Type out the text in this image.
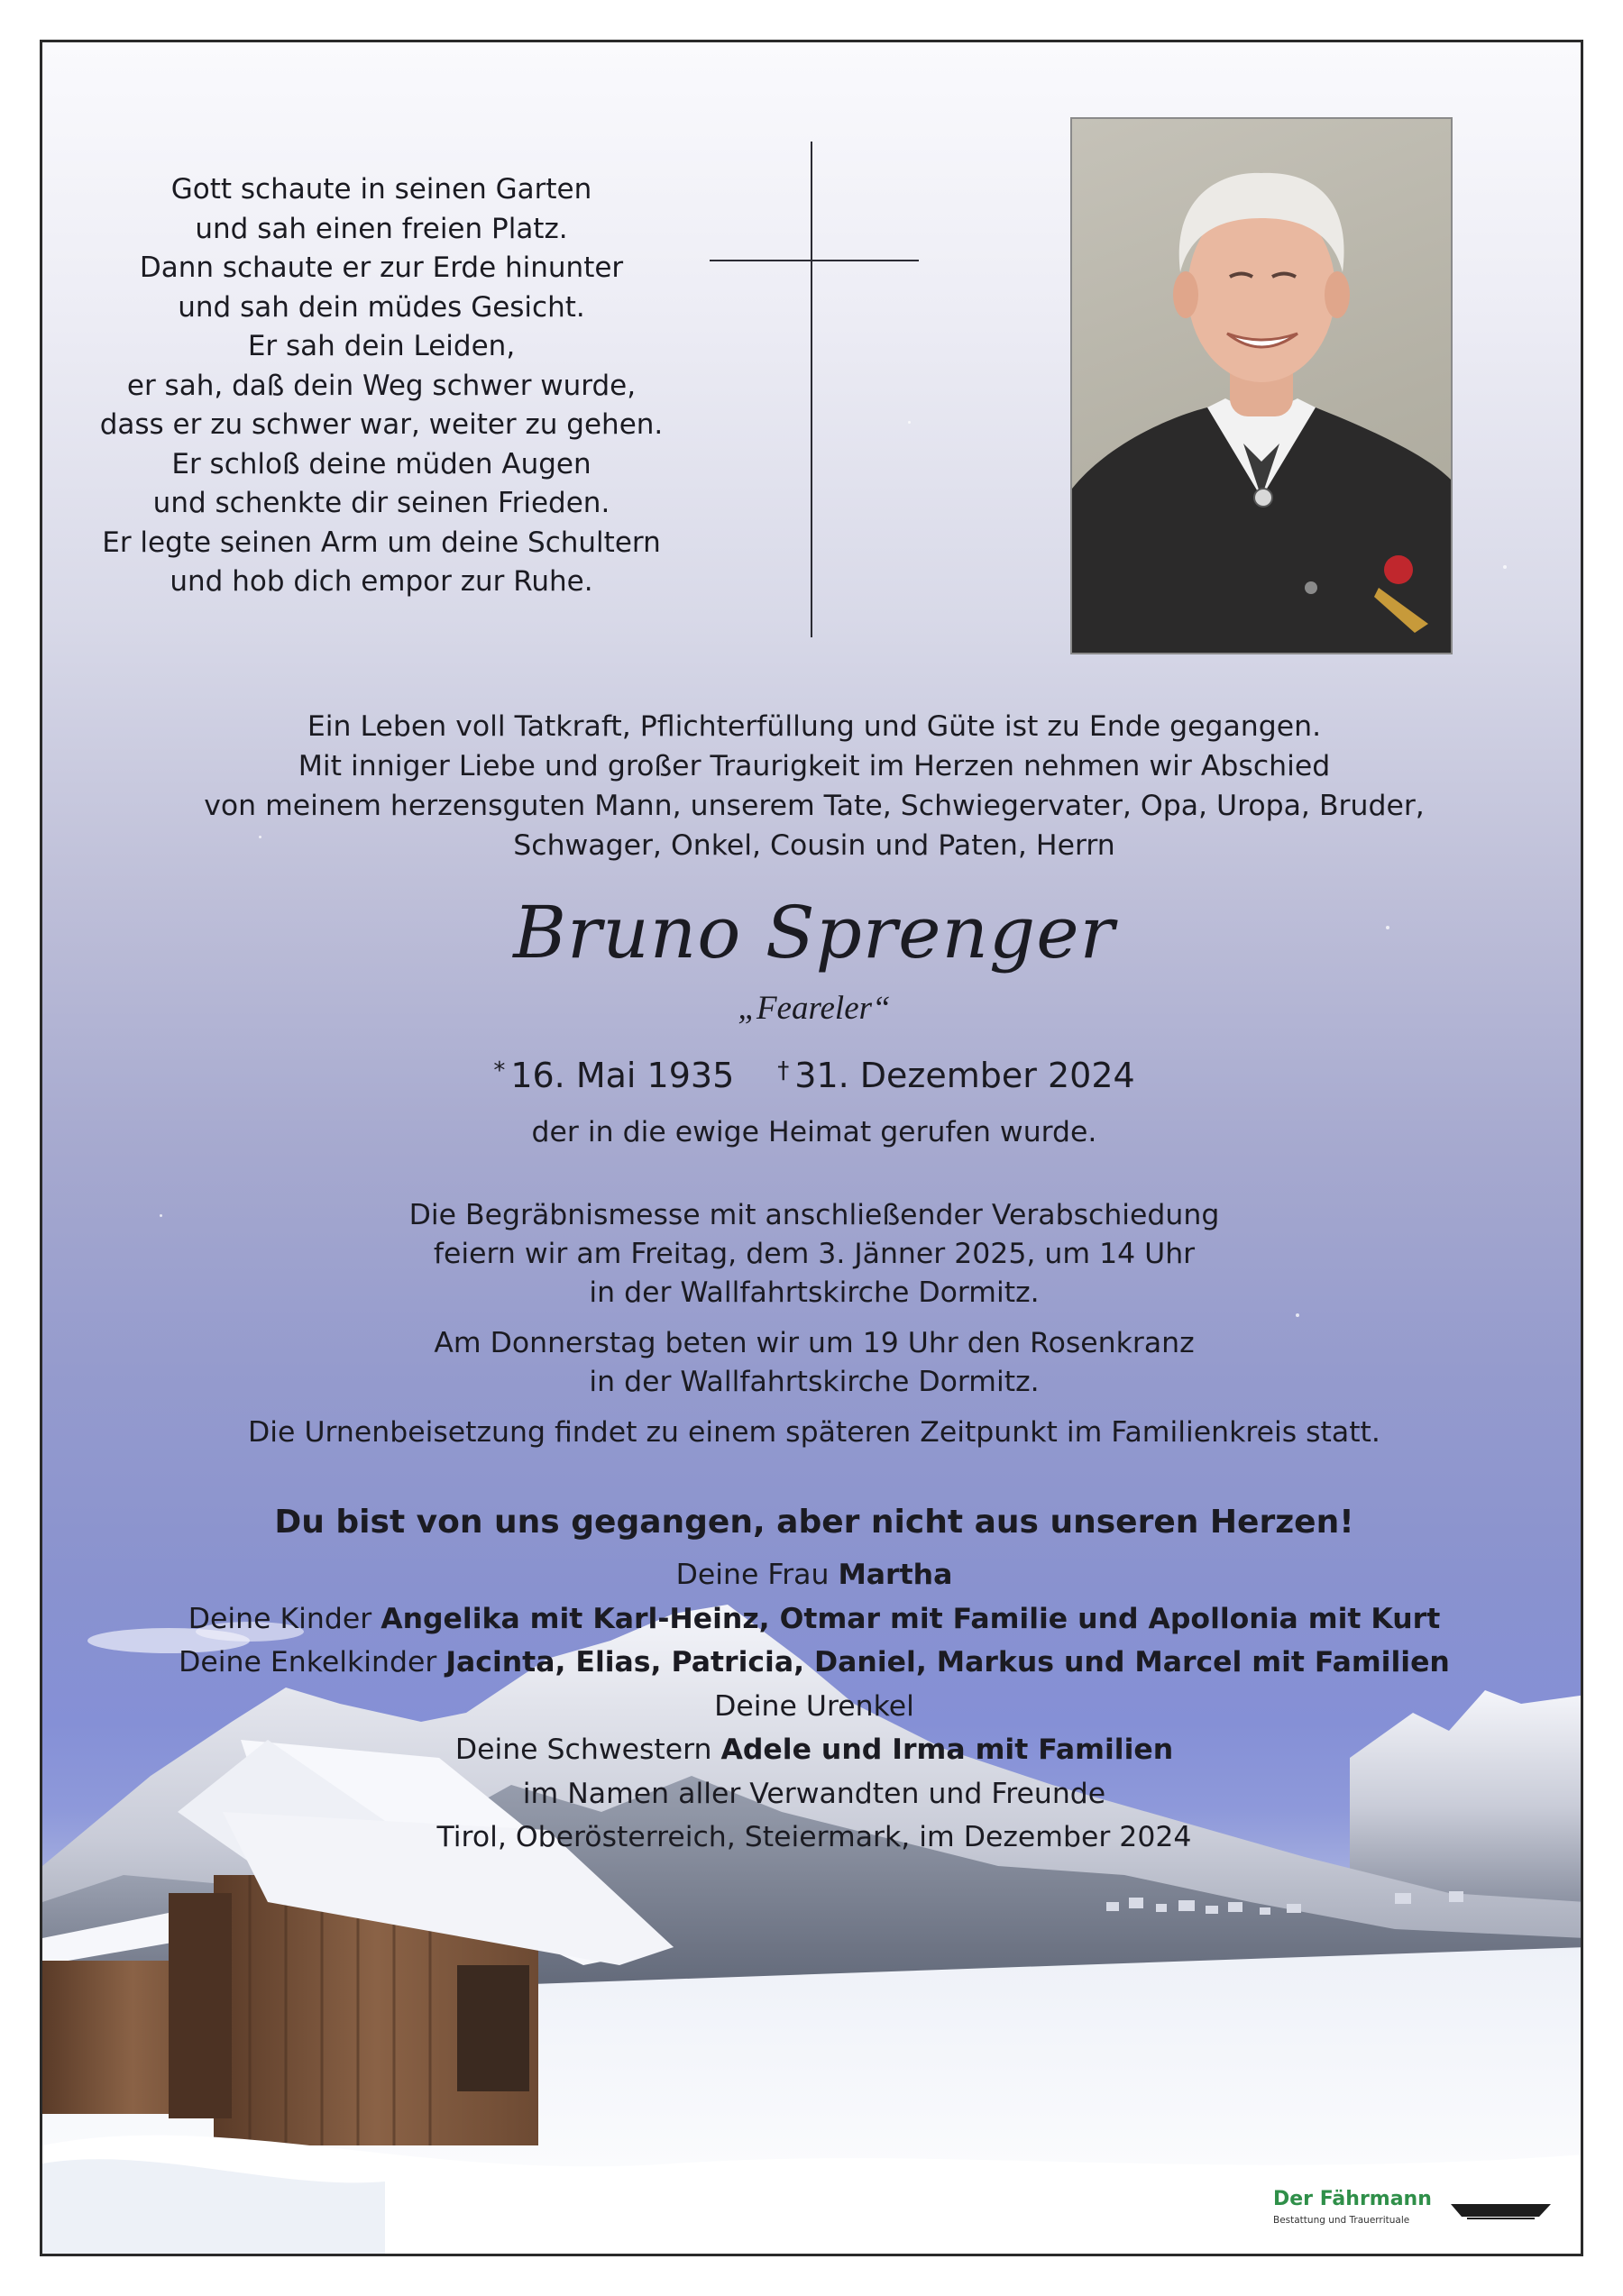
Gott schaute in seinen Garten
und sah einen freien Platz.
Dann schaute er zur Erde hinunter
und sah dein müdes Gesicht.
Er sah dein Leiden,
er sah, daß dein Weg schwer wurde,
dass er zu schwer war, weiter zu gehen.
Er schloß deine müden Augen
und schenkte dir seinen Frieden.
Er legte seinen Arm um deine Schultern
und hob dich empor zur Ruhe.
Ein Leben voll Tatkraft, Pflichterfüllung und Güte ist zu Ende gegangen.
Mit inniger Liebe und großer Traurigkeit im Herzen nehmen wir Abschied
von meinem herzensguten Mann, unserem Tate, Schwiegervater, Opa, Uropa, Bruder,
Schwager, Onkel, Cousin und Paten, Herrn
Bruno Sprenger
„Feareler“
* 16. Mai 1935 † 31. Dezember 2024
der in die ewige Heimat gerufen wurde.
Die Begräbnismesse mit anschließender Verabschiedung
feiern wir am Freitag, dem 3. Jänner 2025, um 14 Uhr
in der Wallfahrtskirche Dormitz.
Am Donnerstag beten wir um 19 Uhr den Rosenkranz
in der Wallfahrtskirche Dormitz.
Die Urnenbeisetzung findet zu einem späteren Zeitpunkt im Familienkreis statt.
Du bist von uns gegangen, aber nicht aus unseren Herzen!
Deine Frau Martha
Deine Kinder Angelika mit Karl-Heinz, Otmar mit Familie und Apollonia mit Kurt
Deine Enkelkinder Jacinta, Elias, Patricia, Daniel, Markus und Marcel mit Familien
Deine Urenkel
Deine Schwestern Adele und Irma mit Familien
im Namen aller Verwandten und Freunde
Tirol, Oberösterreich, Steiermark, im Dezember 2024
Der Fährmann
Bestattung und Trauerrituale
